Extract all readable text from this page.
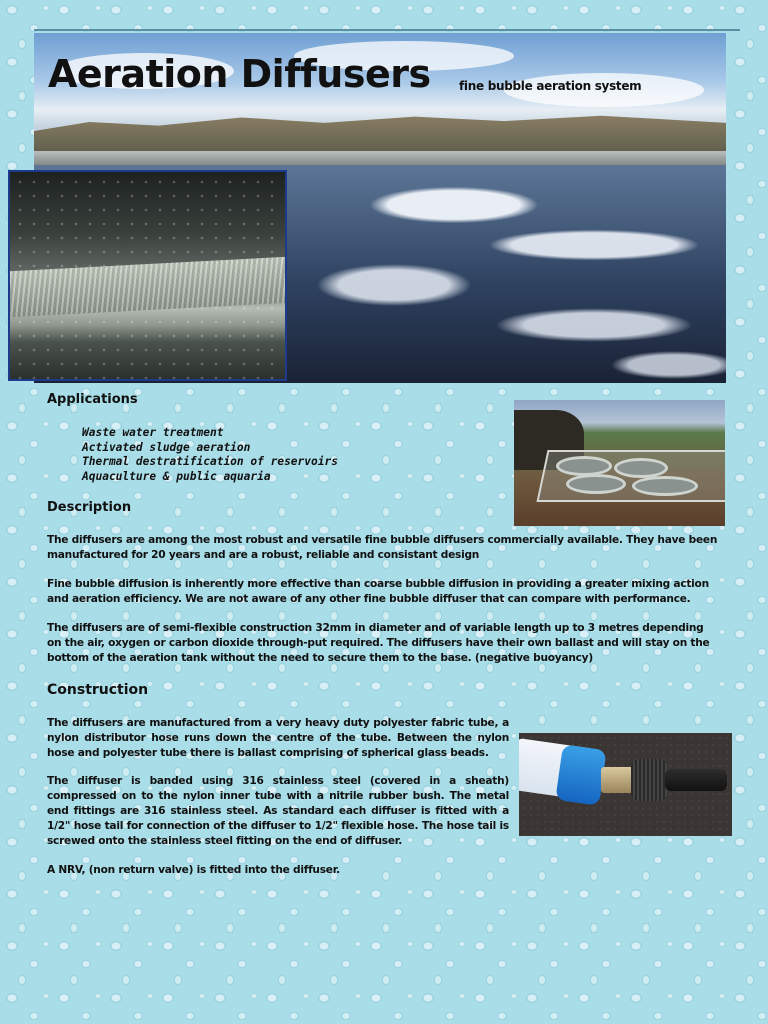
Aeration Diffusers fine bubble aeration system
Applications
Waste water treatment
Activated sludge aeration
Thermal destratification of reservoirs
Aquaculture & public aquaria
Description

The diffusers are among the most robust and versatile fine bubble diffusers commercially available. They have been manufactured for 20 years and are a robust, reliable and consistant design

Fine bubble diffusion is inherently more effective than coarse bubble diffusion in providing a greater mixing action and aeration efficiency. We are not aware of any other fine bubble diffuser that can compare with performance.

The diffusers are of semi-flexible construction 32mm in diameter and of variable length up to 3 metres depending on the air, oxygen or carbon dioxide through-put required. The diffusers have their own ballast and will stay on the bottom of the aeration tank without the need to secure them to the base. (negative buoyancy)

Construction

The diffusers are manufactured from a very heavy duty polyester fabric tube, a nylon distributor hose runs down the centre of the tube. Between the nylon hose and polyester tube there is ballast comprising of spherical glass beads.

The diffuser is banded using 316 stainless steel (covered in a sheath) compressed on to the nylon inner tube with a nitrile rubber bush. The metal end fittings are 316 stainless steel. As standard each diffuser is fitted with a 1/2" hose tail for connection of the diffuser to 1/2" flexible hose. The hose tail is screwed onto the stainless steel fitting on the end of diffuser.

A NRV, (non return valve) is fitted into the diffuser.
